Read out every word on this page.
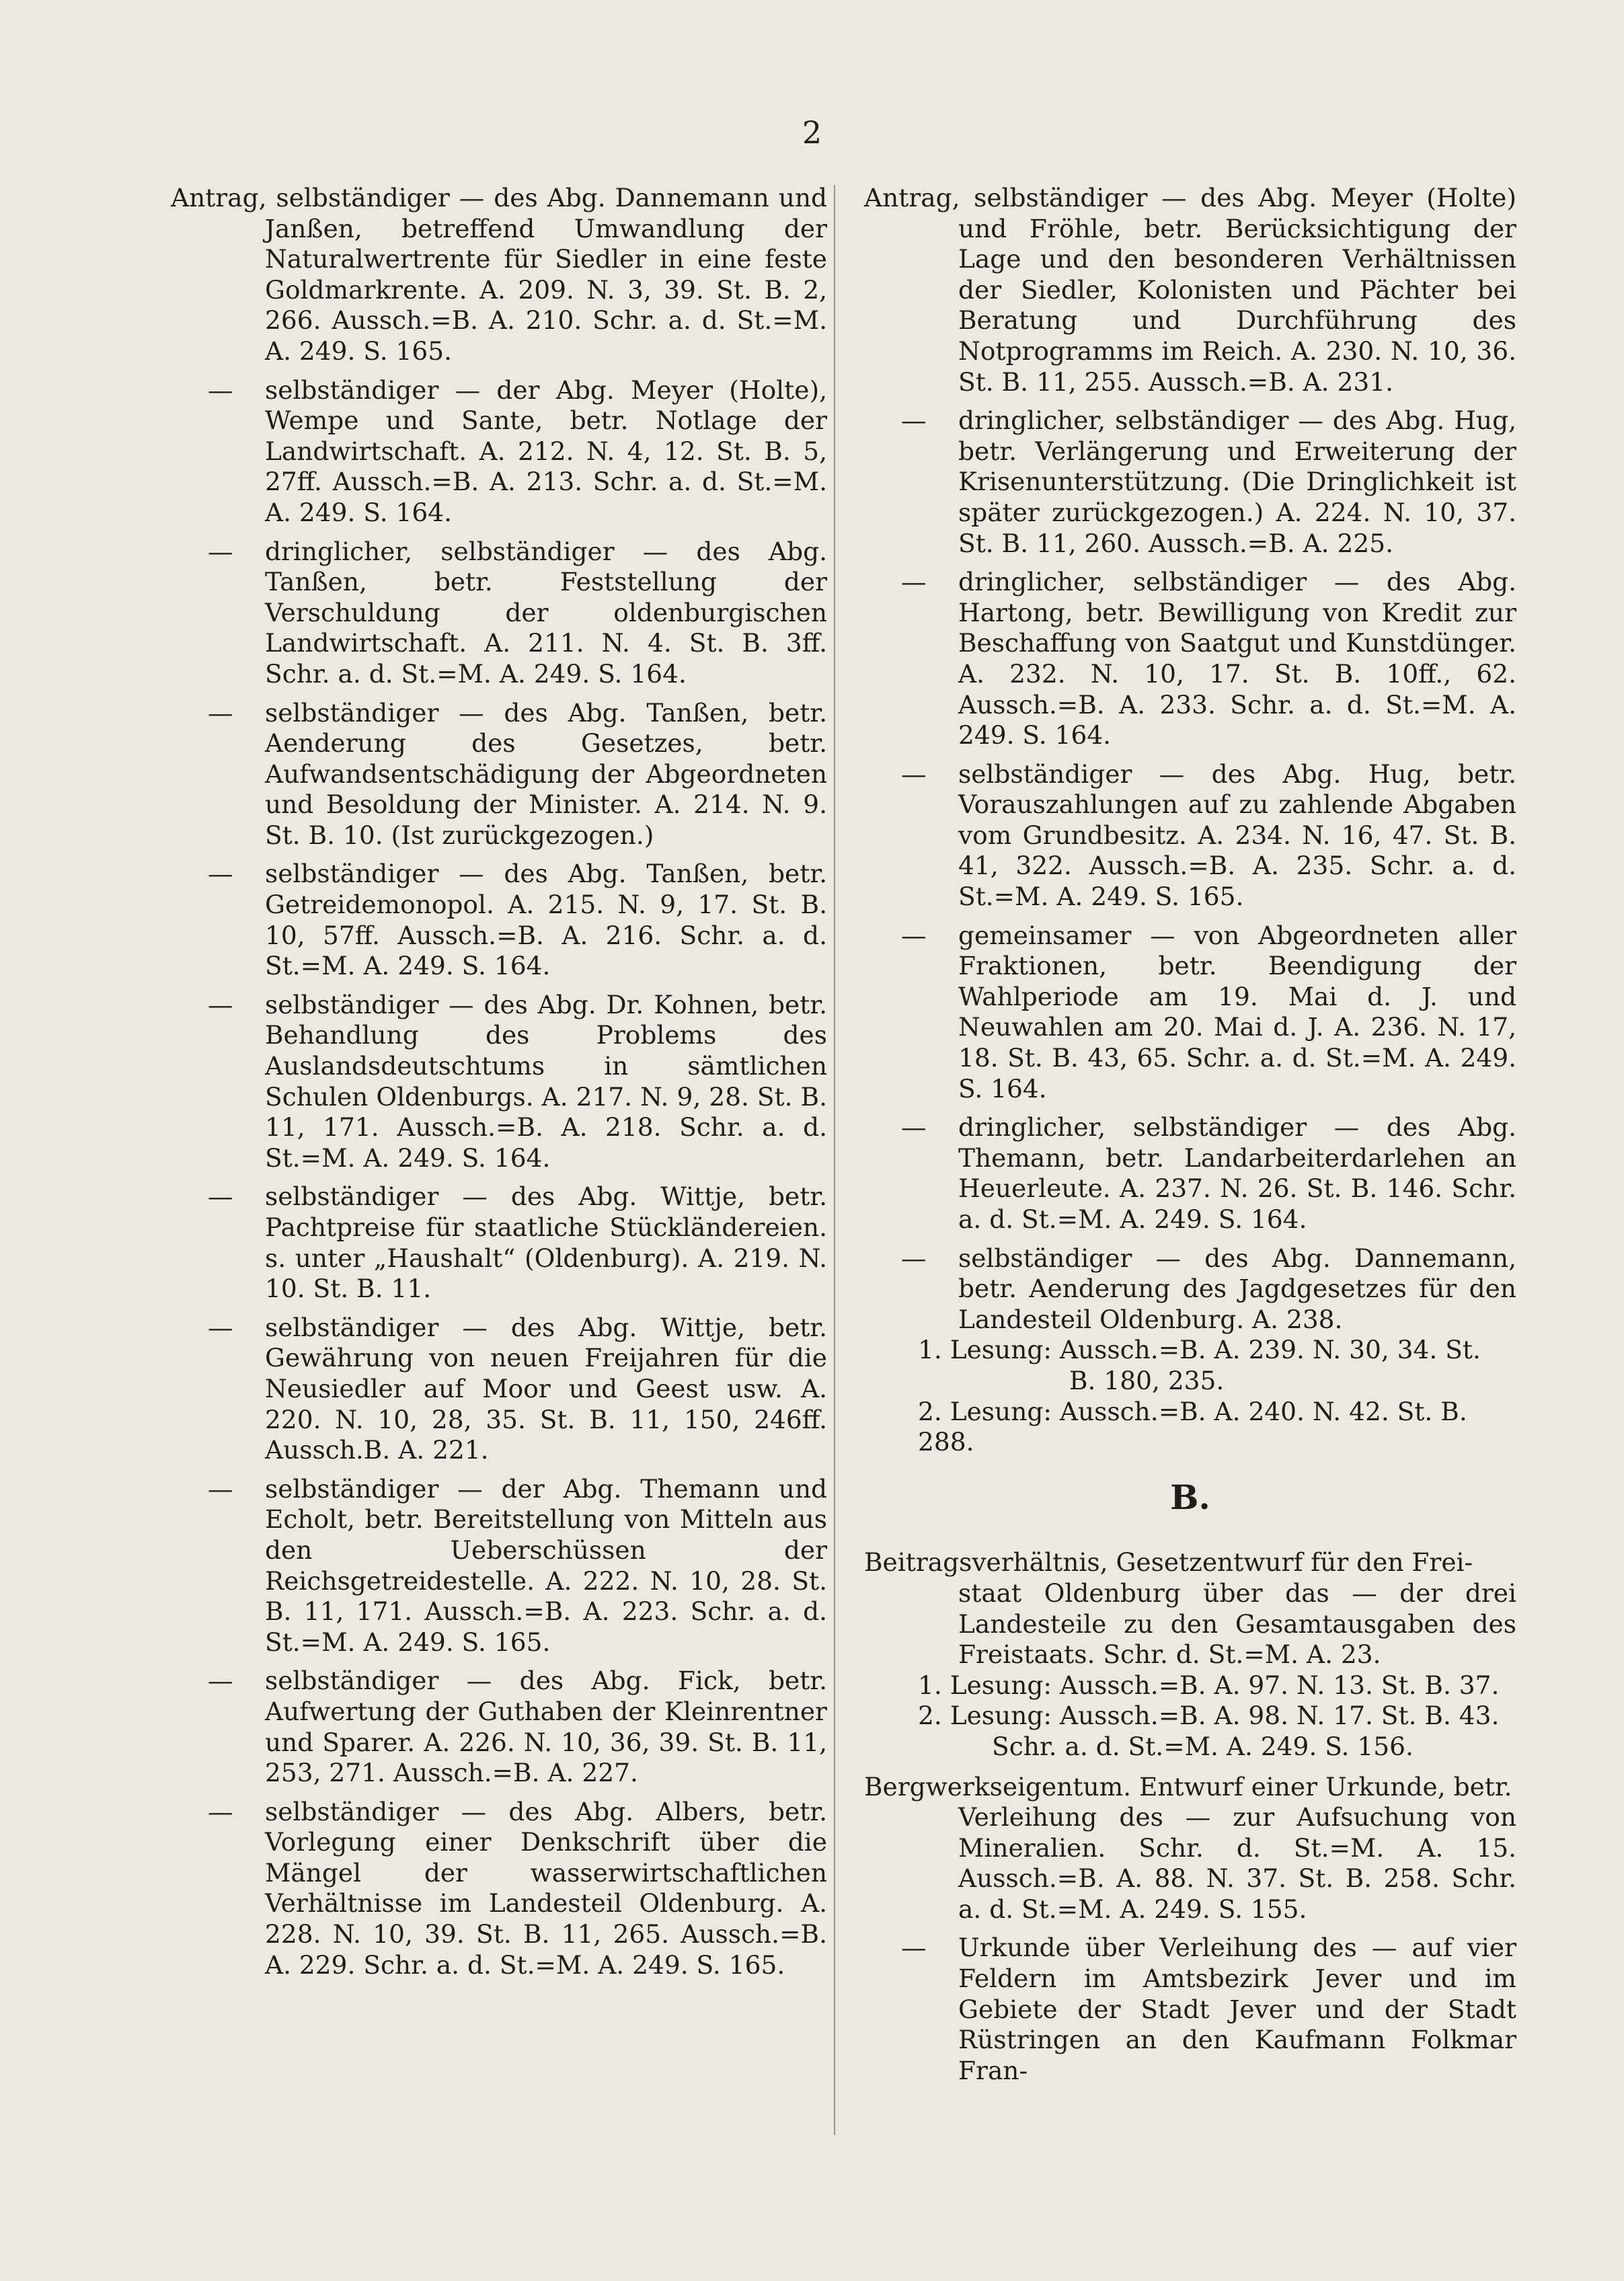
2
Antrag, selbständiger — des Abg. Dannemann und Janßen, betreffend Umwandlung der Naturalwertrente für Siedler in eine feste Goldmarkrente. A. 209. N. 3, 39. St. B. 2, 266. Aussch.=B. A. 210. Schr. a. d. St.=M. A. 249. S. 165.
—	selbständiger — der Abg. Meyer (Holte), Wempe und Sante, betr. Notlage der Landwirtschaft. A. 212. N. 4, 12. St. B. 5, 27ff. Aussch.=B. A. 213. Schr. a. d. St.=M. A. 249. S. 164.
—	dringlicher, selbständiger — des Abg. Tanßen, betr. Feststellung der Verschuldung der oldenburgischen Landwirtschaft. A. 211. N. 4. St. B. 3ff. Schr. a. d. St.=M. A. 249. S. 164.
—	selbständiger — des Abg. Tanßen, betr. Aenderung des Gesetzes, betr. Aufwandsentschädigung der Abgeordneten und Besoldung der Minister. A. 214. N. 9. St. B. 10. (Ist zurückgezogen.)
—	selbständiger — des Abg. Tanßen, betr. Getreidemonopol. A. 215. N. 9, 17. St. B. 10, 57ff. Aussch.=B. A. 216. Schr. a. d. St.=M. A. 249. S. 164.
—	selbständiger — des Abg. Dr. Kohnen, betr. Behandlung des Problems des Auslandsdeutschtums in sämtlichen Schulen Oldenburgs. A. 217. N. 9, 28. St. B. 11, 171. Aussch.=B. A. 218. Schr. a. d. St.=M. A. 249. S. 164.
—	selbständiger — des Abg. Wittje, betr. Pachtpreise für staatliche Stückländereien. s. unter „Haushalt“ (Oldenburg). A. 219. N. 10. St. B. 11.
—	selbständiger — des Abg. Wittje, betr. Gewährung von neuen Freijahren für die Neusiedler auf Moor und Geest usw. A. 220. N. 10, 28, 35. St. B. 11, 150, 246ff. Aussch.B. A. 221.
—	selbständiger — der Abg. Themann und Echolt, betr. Bereitstellung von Mitteln aus den Ueberschüssen der Reichsgetreidestelle. A. 222. N. 10, 28. St. B. 11, 171. Aussch.=B. A. 223. Schr. a. d. St.=M. A. 249. S. 165.
—	selbständiger — des Abg. Fick, betr. Aufwertung der Guthaben der Kleinrentner und Sparer. A. 226. N. 10, 36, 39. St. B. 11, 253, 271. Aussch.=B. A. 227.
—	selbständiger — des Abg. Albers, betr. Vorlegung einer Denkschrift über die Mängel der wasserwirtschaftlichen Verhältnisse im Landesteil Oldenburg. A. 228. N. 10, 39. St. B. 11, 265. Aussch.=B. A. 229. Schr. a. d. St.=M. A. 249. S. 165.
Antrag, selbständiger — des Abg. Meyer (Holte) und Fröhle, betr. Berücksichtigung der Lage und den besonderen Verhältnissen der Siedler, Kolonisten und Pächter bei Beratung und Durchführung des Notprogramms im Reich. A. 230. N. 10, 36. St. B. 11, 255. Aussch.=B. A. 231.
—	dringlicher, selbständiger — des Abg. Hug, betr. Verlängerung und Erweiterung der Krisenunterstützung. (Die Dringlichkeit ist später zurückgezogen.) A. 224. N. 10, 37. St. B. 11, 260. Aussch.=B. A. 225.
—	dringlicher, selbständiger — des Abg. Hartong, betr. Bewilligung von Kredit zur Beschaffung von Saatgut und Kunstdünger. A. 232. N. 10, 17. St. B. 10ff., 62. Aussch.=B. A. 233. Schr. a. d. St.=M. A. 249. S. 164.
—	selbständiger — des Abg. Hug, betr. Vorauszahlungen auf zu zahlende Abgaben vom Grundbesitz. A. 234. N. 16, 47. St. B. 41, 322. Aussch.=B. A. 235. Schr. a. d. St.=M. A. 249. S. 165.
—	gemeinsamer — von Abgeordneten aller Fraktionen, betr. Beendigung der Wahlperiode am 19. Mai d. J. und Neuwahlen am 20. Mai d. J. A. 236. N. 17, 18. St. B. 43, 65. Schr. a. d. St.=M. A. 249. S. 164.
—	dringlicher, selbständiger — des Abg. Themann, betr. Landarbeiterdarlehen an Heuerleute. A. 237. N. 26. St. B. 146. Schr. a. d. St.=M. A. 249. S. 164.
—	selbständiger — des Abg. Dannemann, betr. Aenderung des Jagdgesetzes für den Landesteil Oldenburg. A. 238.
1. Lesung: Aussch.=B. A. 239. N. 30, 34. St.
B. 180, 235.
2. Lesung: Aussch.=B. A. 240. N. 42. St. B. 288.
B.
Beitragsverhältnis, Gesetzentwurf für den Frei-
staat Oldenburg über das — der drei Landesteile zu den Gesamtausgaben des Freistaats. Schr. d. St.=M. A. 23.
1. Lesung: Aussch.=B. A. 97. N. 13. St. B. 37.
2. Lesung: Aussch.=B. A. 98. N. 17. St. B. 43.
Schr. a. d. St.=M. A. 249. S. 156.
Bergwerkseigentum. Entwurf einer Urkunde, betr.
Verleihung des — zur Aufsuchung von Mineralien. Schr. d. St.=M. A. 15. Aussch.=B. A. 88. N. 37. St. B. 258. Schr. a. d. St.=M. A. 249. S. 155.
—	Urkunde über Verleihung des — auf vier Feldern im Amtsbezirk Jever und im Gebiete der Stadt Jever und der Stadt Rüstringen an den Kaufmann Folkmar Fran-
